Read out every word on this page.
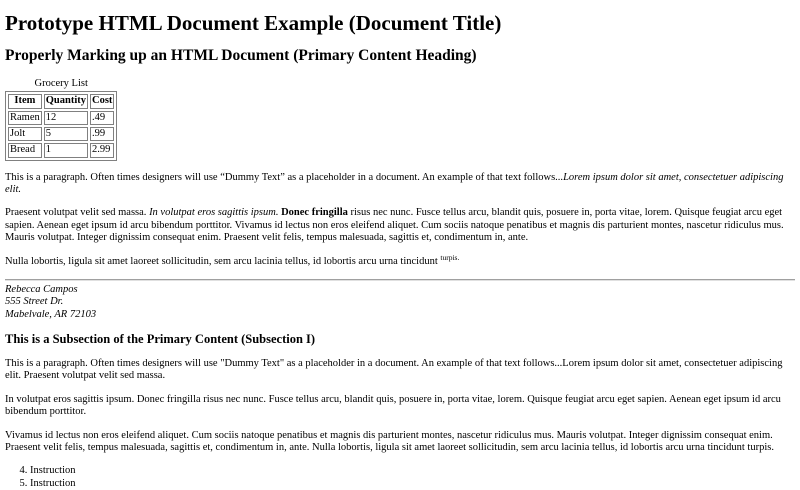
Prototype HTML Document Example (Document Title)
Properly Marking up an HTML Document (Primary Content Heading)
Grocery List
Item	Quantity	Cost
Ramen	12	.49
Jolt	5	.99
Bread	1	2.99

This is a paragraph. Often times designers will use “Dummy Text” as a placeholder in a document. An example of that text follows...Lorem ipsum dolor sit amet, consectetuer adipiscing elit.

Praesent volutpat velit sed massa. In volutpat eros sagittis ipsum. Donec fringilla risus nec nunc. Fusce tellus arcu, blandit quis, posuere in, porta vitae, lorem. Quisque feugiat arcu eget sapien. Aenean eget ipsum id arcu bibendum porttitor. Vivamus id lectus non eros eleifend aliquet. Cum sociis natoque penatibus et magnis dis parturient montes, nascetur ridiculus mus. Mauris volutpat. Integer dignissim consequat enim. Praesent velit felis, tempus malesuada, sagittis et, condimentum in, ante.

Nulla lobortis, ligula sit amet laoreet sollicitudin, sem arcu lacinia tellus, id lobortis arcu urna tincidunt $^{turpis.}$

Rebecca Campos
555 Street Dr.
Mabelvale, AR 72103
This is a Subsection of the Primary Content (Subsection I)

This is a paragraph. Often times designers will use "Dummy Text" as a placeholder in a document. An example of that text follows...Lorem ipsum dolor sit amet, consectetuer adipiscing elit. Praesent volutpat velit sed massa.

In volutpat eros sagittis ipsum. Donec fringilla risus nec nunc. Fusce tellus arcu, blandit quis, posuere in, porta vitae, lorem. Quisque feugiat arcu eget sapien. Aenean eget ipsum id arcu bibendum porttitor.

Vivamus id lectus non eros eleifend aliquet. Cum sociis natoque penatibus et magnis dis parturient montes, nascetur ridiculus mus. Mauris volutpat. Integer dignissim consequat enim. Praesent velit felis, tempus malesuada, sagittis et, condimentum in, ante. Nulla lobortis, ligula sit amet laoreet sollicitudin, sem arcu lacinia tellus, id lobortis arcu urna tincidunt turpis.

4. Instruction
5. Instruction
